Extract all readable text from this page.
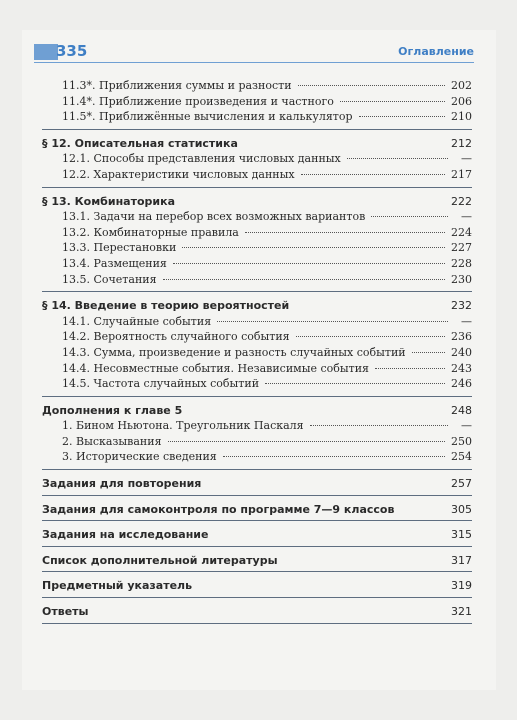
335	Оглавление
11.3*. Приближения суммы и разности	202
11.4*. Приближение произведения и частного	206
11.5*. Приближённые вычисления и калькулятор	210
§ 12. Описательная статистика	212
12.1. Способы представления числовых данных	—
12.2. Характеристики числовых данных	217
§ 13. Комбинаторика	222
13.1. Задачи на перебор всех возможных вариантов	—
13.2. Комбинаторные правила	224
13.3. Перестановки	227
13.4. Размещения	228
13.5. Сочетания	230
§ 14. Введение в теорию вероятностей	232
14.1. Случайные события	—
14.2. Вероятность случайного события	236
14.3. Сумма, произведение и разность случайных событий	240
14.4. Несовместные события. Независимые события	243
14.5. Частота случайных событий	246
Дополнения к главе 5	248
1. Бином Ньютона. Треугольник Паскаля	—
2. Высказывания	250
3. Исторические сведения	254
Задания для повторения	257
Задания для самоконтроля по программе 7—9 классов	305
Задания на исследование	315
Список дополнительной литературы	317
Предметный указатель	319
Ответы	321
